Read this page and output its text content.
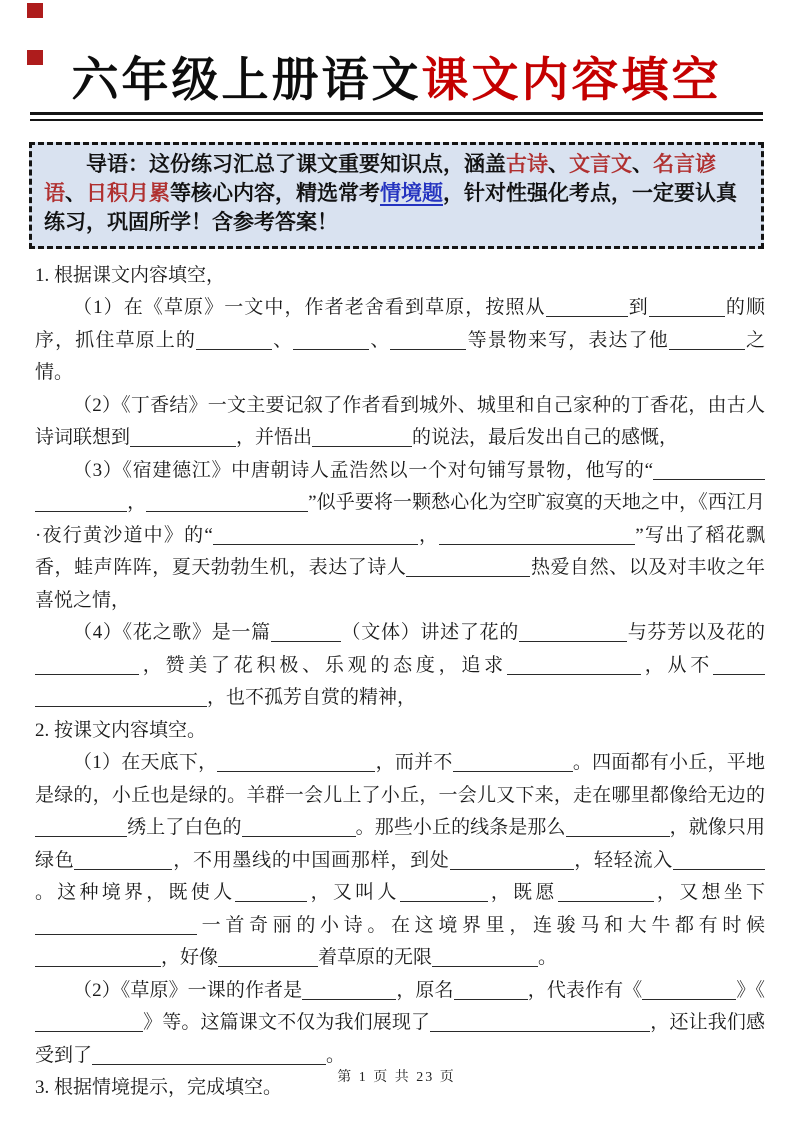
六年级上册语文课文内容填空

导语：这份练习汇总了课文重要知识点，涵盖古诗、文言文、名言谚语、日积月累等核心内容，精选常考情境题，针对性强化考点，一定要认真练习，巩固所学！含参考答案！

1. 根据课文内容填空，

（1）在《草原》一文中，作者老舍看到草原，按照从	到	的顺序，抓住草原上的	、	、	等景物来写，表达了他	之情。

（2）《丁香结》一文主要记叙了作者看到城外、城里和自己家种的丁香花，由古人诗词联想到	，并悟出	的说法，最后发出自己的感慨，

（3）《宿建德江》中唐朝诗人孟浩然以一个对句铺写景物，他写的“，	”似乎要将一颗愁心化为空旷寂寞的天地之中，《西江月·夜行黄沙道中》的“	，	”写出了稻花飘香，蛙声阵阵，夏天勃勃生机，表达了诗人	热爱自然、以及对丰收之年喜悦之情，

（4）《花之歌》是一篇	（文体）讲述了花的	与芬芳以及花的，赞美了花积极、乐观的态度，追求	，从不，也不孤芳自赏的精神，

2. 按课文内容填空。

（1）在天底下，	，而并不	。四面都有小丘，平地是绿的，小丘也是绿的。羊群一会儿上了小丘，一会儿又下来，走在哪里都像给无边的绣上了白色的	。那些小丘的线条是那么	，就像只用绿色	，不用墨线的中国画那样，到处	，轻轻流入。这种境界，既使人	，又叫人	，既愿	，又想坐下一首奇丽的小诗。在这境界里，连骏马和大牛都有时候，好像	着草原的无限	。

（2）《草原》一课的作者是	，原名	，代表作有《	》《》等。这篇课文不仅为我们展现了	，还让我们感受到了	。

3. 根据情境提示，完成填空。	第 1 页 共 23 页
